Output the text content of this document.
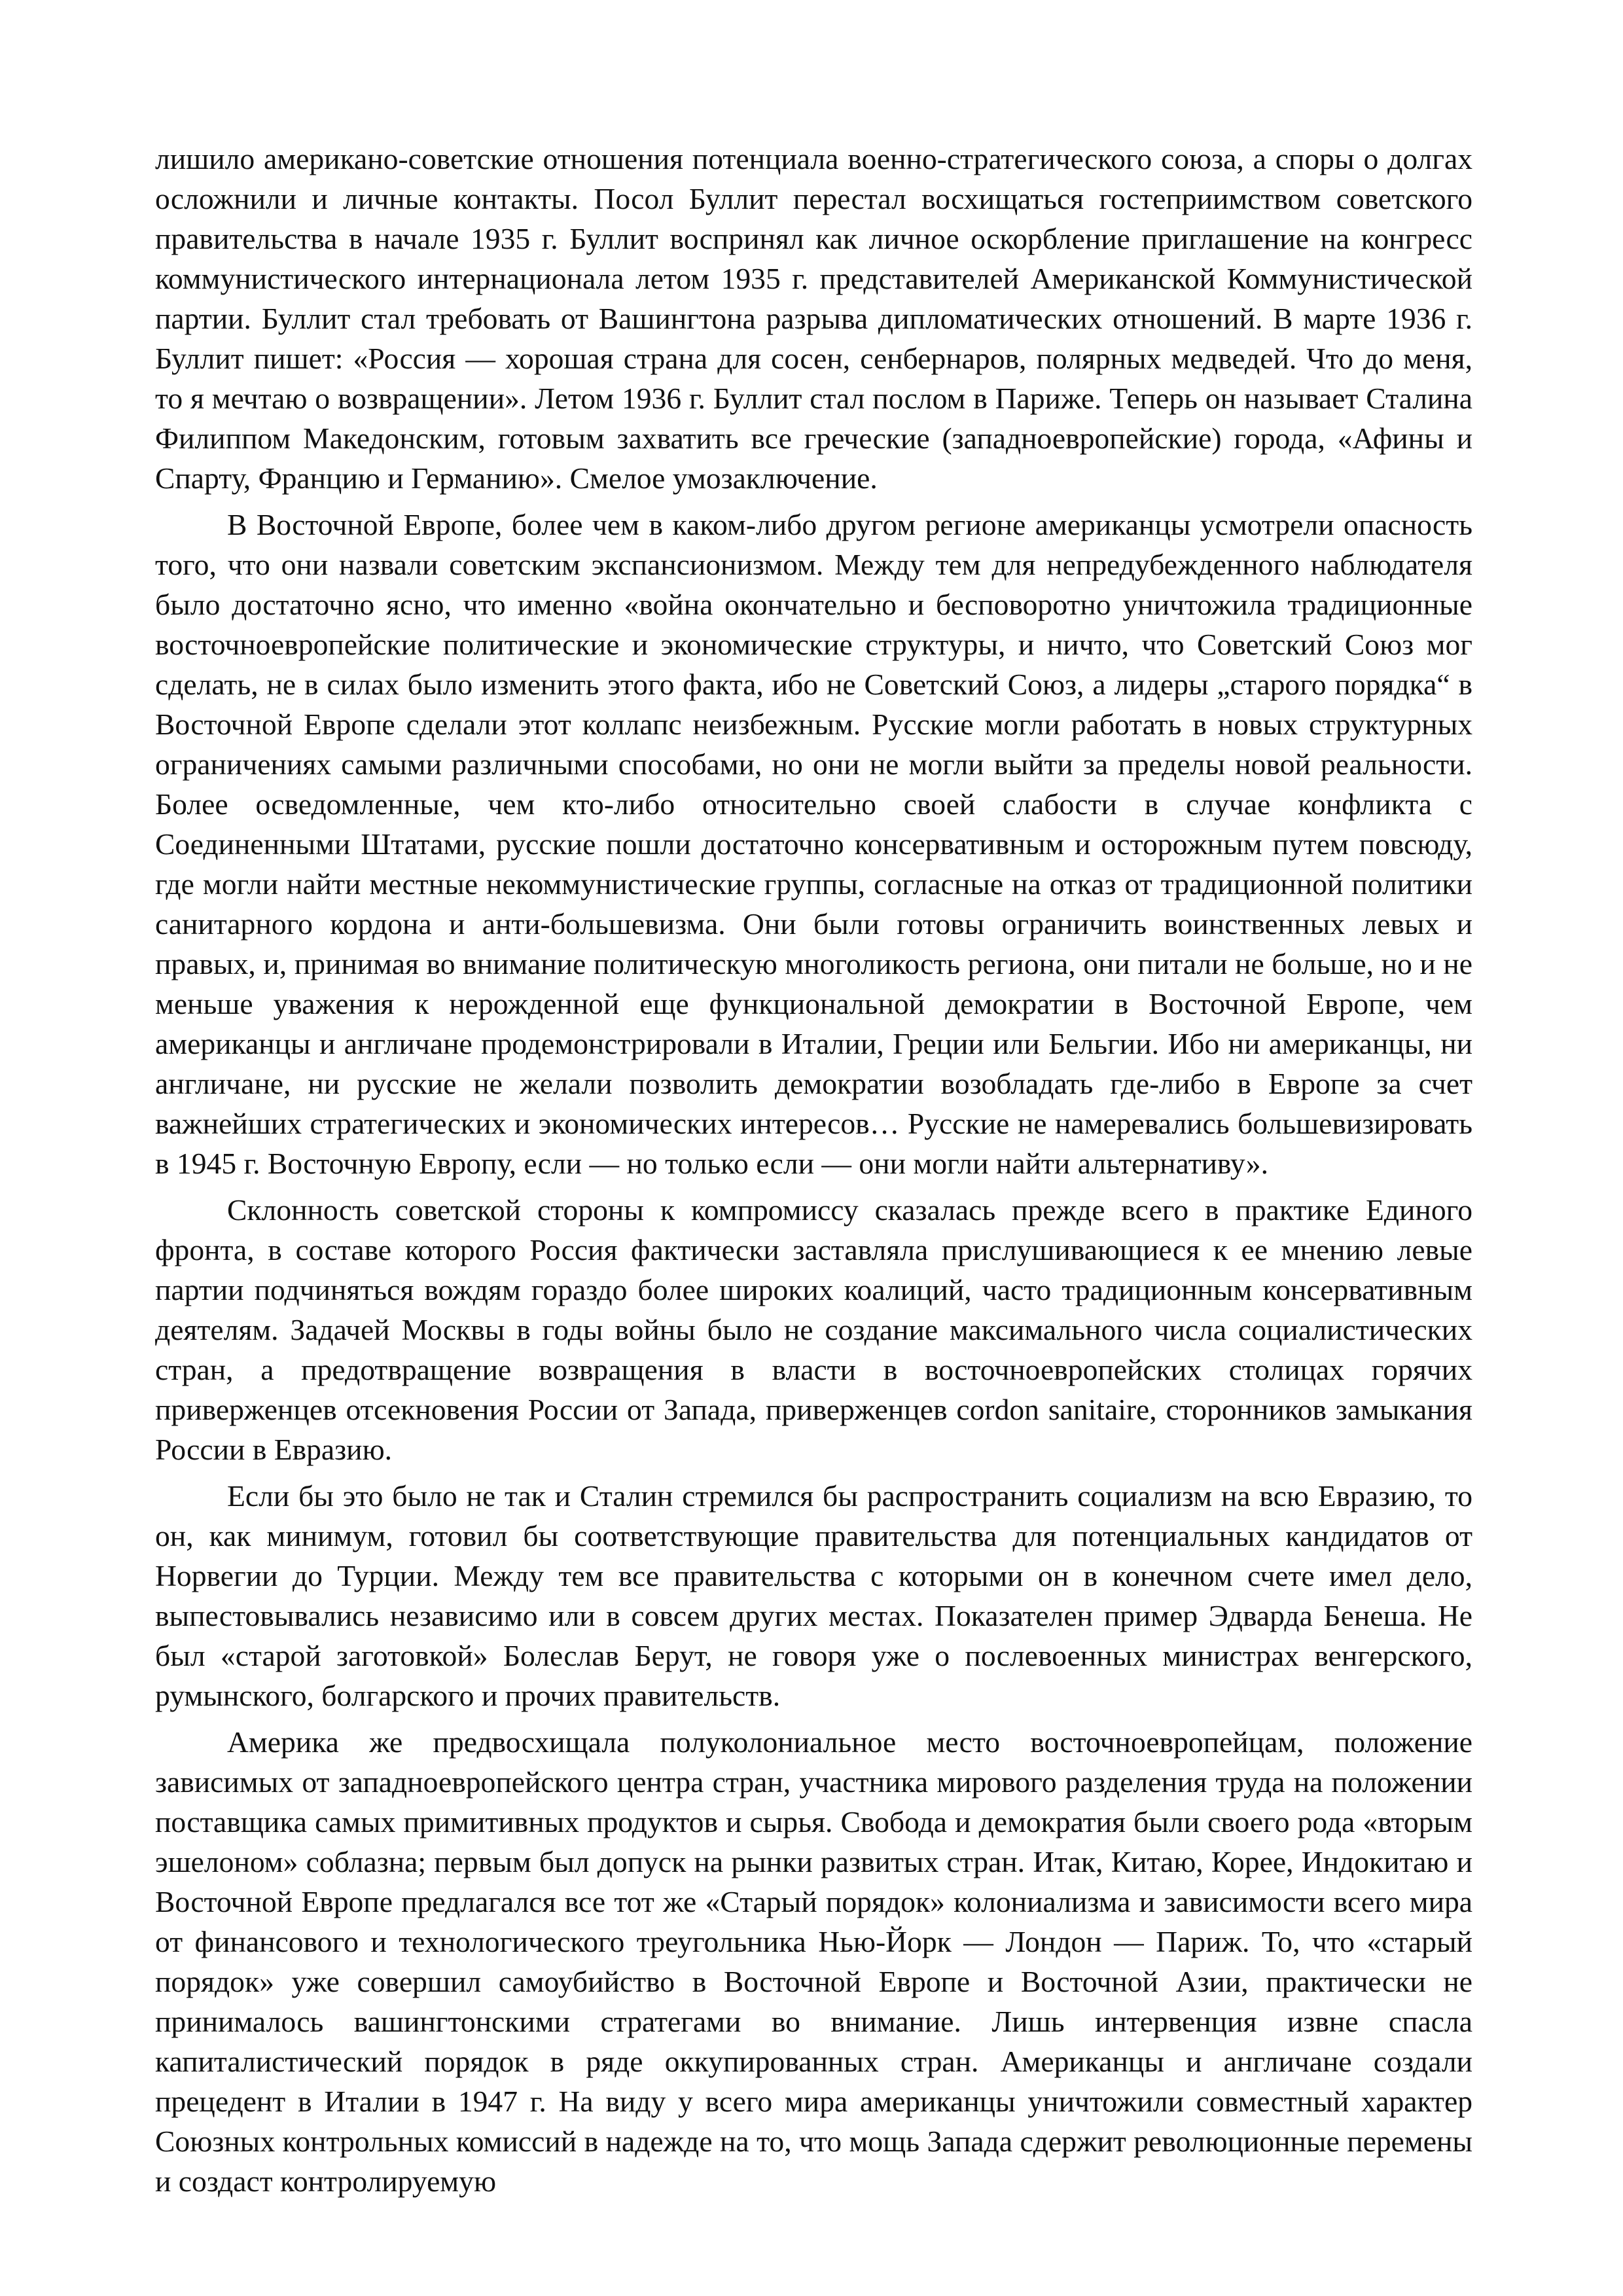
лишило американо-советские отношения потенциала военно-стратегического союза, а споры о долгах осложнили и личные контакты. Посол Буллит перестал восхищаться гостеприимством советского правительства в начале 1935 г. Буллит воспринял как личное оскорбление приглашение на конгресс коммунистического интернационала летом 1935 г. представителей Американской Коммунистической партии. Буллит стал требовать от Вашингтона разрыва дипломатических отношений. В марте 1936 г. Буллит пишет: «Россия — хорошая страна для сосен, сенбернаров, полярных медведей. Что до меня, то я мечтаю о возвращении». Летом 1936 г. Буллит стал послом в Париже. Теперь он называет Сталина Филиппом Македонским, готовым захватить все греческие (западноевропейские) города, «Афины и Спарту, Францию и Германию». Смелое умозаключение.

В Восточной Европе, более чем в каком-либо другом регионе американцы усмотрели опасность того, что они назвали советским экспансионизмом. Между тем для непредубежденного наблюдателя было достаточно ясно, что именно «война окончательно и бесповоротно уничтожила традиционные восточноевропейские политические и экономические структуры, и ничто, что Советский Союз мог сделать, не в силах было изменить этого факта, ибо не Советский Союз, а лидеры „старого порядка“ в Восточной Европе сделали этот коллапс неизбежным. Русские могли работать в новых структурных ограничениях самыми различными способами, но они не могли выйти за пределы новой реальности. Более осведомленные, чем кто-либо относительно своей слабости в случае конфликта с Соединенными Штатами, русские пошли достаточно консервативным и осторожным путем повсюду, где могли найти местные некоммунистические группы, согласные на отказ от традиционной политики санитарного кордона и анти-большевизма. Они были готовы ограничить воинственных левых и правых, и, принимая во внимание политическую многоликость региона, они питали не больше, но и не меньше уважения к нерожденной еще функциональной демократии в Восточной Европе, чем американцы и англичане продемонстрировали в Италии, Греции или Бельгии. Ибо ни американцы, ни англичане, ни русские не желали позволить демократии возобладать где-либо в Европе за счет важнейших стратегических и экономических интересов… Русские не намеревались большевизировать в 1945 г. Восточную Европу, если — но только если — они могли найти альтернативу».

Склонность советской стороны к компромиссу сказалась прежде всего в практике Единого фронта, в составе которого Россия фактически заставляла прислушивающиеся к ее мнению левые партии подчиняться вождям гораздо более широких коалиций, часто традиционным консервативным деятелям. Задачей Москвы в годы войны было не создание максимального числа социалистических стран, а предотвращение возвращения в власти в восточноевропейских столицах горячих приверженцев отсекновения России от Запада, приверженцев cordon sanitaire, сторонников замыкания России в Евразию.

Если бы это было не так и Сталин стремился бы распространить социализм на всю Евразию, то он, как минимум, готовил бы соответствующие правительства для потенциальных кандидатов от Норвегии до Турции. Между тем все правительства с которыми он в конечном счете имел дело, выпестовывались независимо или в совсем других местах. Показателен пример Эдварда Бенеша. Не был «старой заготовкой» Болеслав Берут, не говоря уже о послевоенных министрах венгерского, румынского, болгарского и прочих правительств.

Америка же предвосхищала полуколониальное место восточноевропейцам, положение зависимых от западноевропейского центра стран, участника мирового разделения труда на положении поставщика самых примитивных продуктов и сырья. Свобода и демократия были своего рода «вторым эшелоном» соблазна; первым был допуск на рынки развитых стран. Итак, Китаю, Корее, Индокитаю и Восточной Европе предлагался все тот же «Старый порядок» колониализма и зависимости всего мира от финансового и технологического треугольника Нью-Йорк — Лондон — Париж. То, что «старый порядок» уже совершил самоубийство в Восточной Европе и Восточной Азии, практически не принималось вашингтонскими стратегами во внимание. Лишь интервенция извне спасла капиталистический порядок в ряде оккупированных стран. Американцы и англичане создали прецедент в Италии в 1947 г. На виду у всего мира американцы уничтожили совместный характер Союзных контрольных комиссий в надежде на то, что мощь Запада сдержит революционные перемены и создаст контролируемую
